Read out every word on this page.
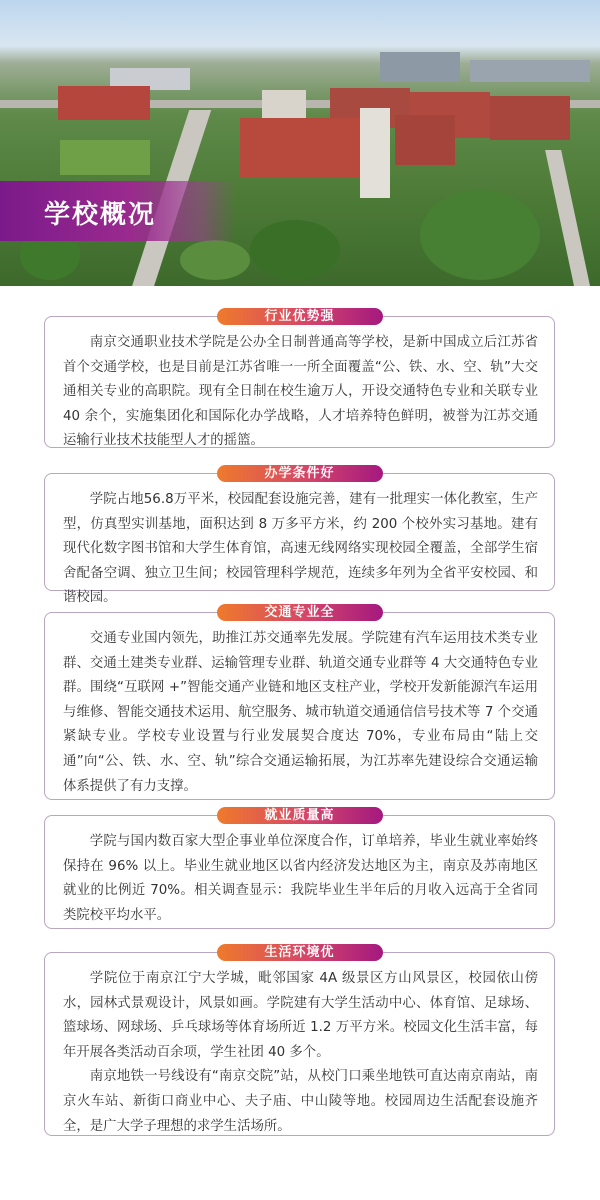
学校概况
行业优势强

南京交通职业技术学院是公办全日制普通高等学校，是新中国成立后江苏省首个交通学校，也是目前是江苏省唯一一所全面覆盖“公、铁、水、空、轨”大交通相关专业的高职院。现有全日制在校生逾万人，开设交通特色专业和关联专业 40 余个，实施集团化和国际化办学战略，人才培养特色鲜明，被誉为江苏交通运输行业技术技能型人才的摇篮。

办学条件好

学院占地56.8万平米，校园配套设施完善，建有一批理实一体化教室，生产型，仿真型实训基地，面积达到 8 万多平方米，约 200 个校外实习基地。建有现代化数字图书馆和大学生体育馆，高速无线网络实现校园全覆盖，全部学生宿舍配备空调、独立卫生间；校园管理科学规范，连续多年列为全省平安校园、和谐校园。

交通专业全

交通专业国内领先，助推江苏交通率先发展。学院建有汽车运用技术类专业群、交通土建类专业群、运输管理专业群、轨道交通专业群等 4 大交通特色专业群。围绕“互联网 +”智能交通产业链和地区支柱产业，学校开发新能源汽车运用与维修、智能交通技术运用、航空服务、城市轨道交通通信信号技术等 7 个交通紧缺专业。学校专业设置与行业发展契合度达 70%，专业布局由“陆上交通”向“公、铁、水、空、轨”综合交通运输拓展，为江苏率先建设综合交通运输体系提供了有力支撑。

就业质量高

学院与国内数百家大型企事业单位深度合作，订单培养，毕业生就业率始终保持在 96% 以上。毕业生就业地区以省内经济发达地区为主，南京及苏南地区就业的比例近 70%。相关调查显示：我院毕业生半年后的月收入远高于全省同类院校平均水平。

生活环境优

学院位于南京江宁大学城，毗邻国家 4A 级景区方山风景区，校园依山傍水，园林式景观设计，风景如画。学院建有大学生活动中心、体育馆、足球场、篮球场、网球场、乒乓球场等体育场所近 1.2 万平方米。校园文化生活丰富，每年开展各类活动百余项，学生社团 40 多个。

南京地铁一号线设有“南京交院”站，从校门口乘坐地铁可直达南京南站，南京火车站、新街口商业中心、夫子庙、中山陵等地。校园周边生活配套设施齐全，是广大学子理想的求学生活场所。
